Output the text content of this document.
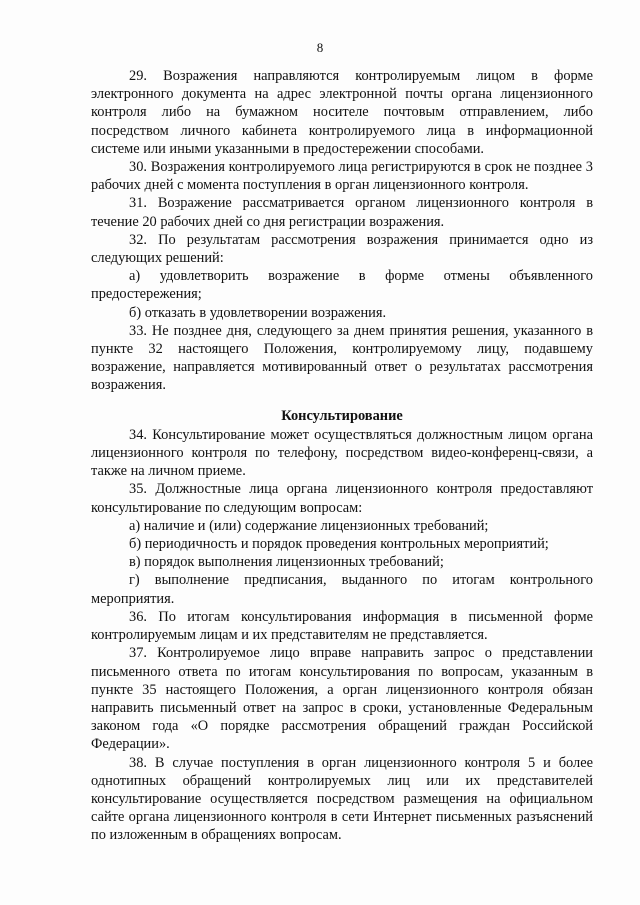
8

29. Возражения направляются контролируемым лицом в форме электронного документа на адрес электронной почты органа лицензионного контроля либо на бумажном носителе почтовым отправлением, либо посредством личного кабинета контролируемого лица в информационной системе или иными указанными в предостережении способами.

30. Возражения контролируемого лица регистрируются в срок не позднее 3 рабочих дней с момента поступления в орган лицензионного контроля.

31. Возражение рассматривается органом лицензионного контроля в течение 20 рабочих дней со дня регистрации возражения.

32. По результатам рассмотрения возражения принимается одно из следующих решений:

а) удовлетворить возражение в форме отмены объявленного предостережения;

б) отказать в удовлетворении возражения.

33. Не позднее дня, следующего за днем принятия решения, указанного в пункте 32 настоящего Положения, контролируемому лицу, подавшему возражение, направляется мотивированный ответ о результатах рассмотрения возражения.

Консультирование

34. Консультирование может осуществляться должностным лицом органа лицензионного контроля по телефону, посредством видео-конференц-связи, а также на личном приеме.

35. Должностные лица органа лицензионного контроля предоставляют консультирование по следующим вопросам:

а) наличие и (или) содержание лицензионных требований;

б) периодичность и порядок проведения контрольных мероприятий;

в) порядок выполнения лицензионных требований;

г) выполнение предписания, выданного по итогам контрольного мероприятия.

36. По итогам консультирования информация в письменной форме контролируемым лицам и их представителям не представляется.

37. Контролируемое лицо вправе направить запрос о представлении письменного ответа по итогам консультирования по вопросам, указанным в пункте 35 настоящего Положения, а орган лицензионного контроля обязан направить письменный ответ на запрос в сроки, установленные Федеральным законом года «О порядке рассмотрения обращений граждан Российской Федерации».

38. В случае поступления в орган лицензионного контроля 5 и более однотипных обращений контролируемых лиц или их представителей консультирование осуществляется посредством размещения на официальном сайте органа лицензионного контроля в сети Интернет письменных разъяснений по изложенным в обращениях вопросам.
